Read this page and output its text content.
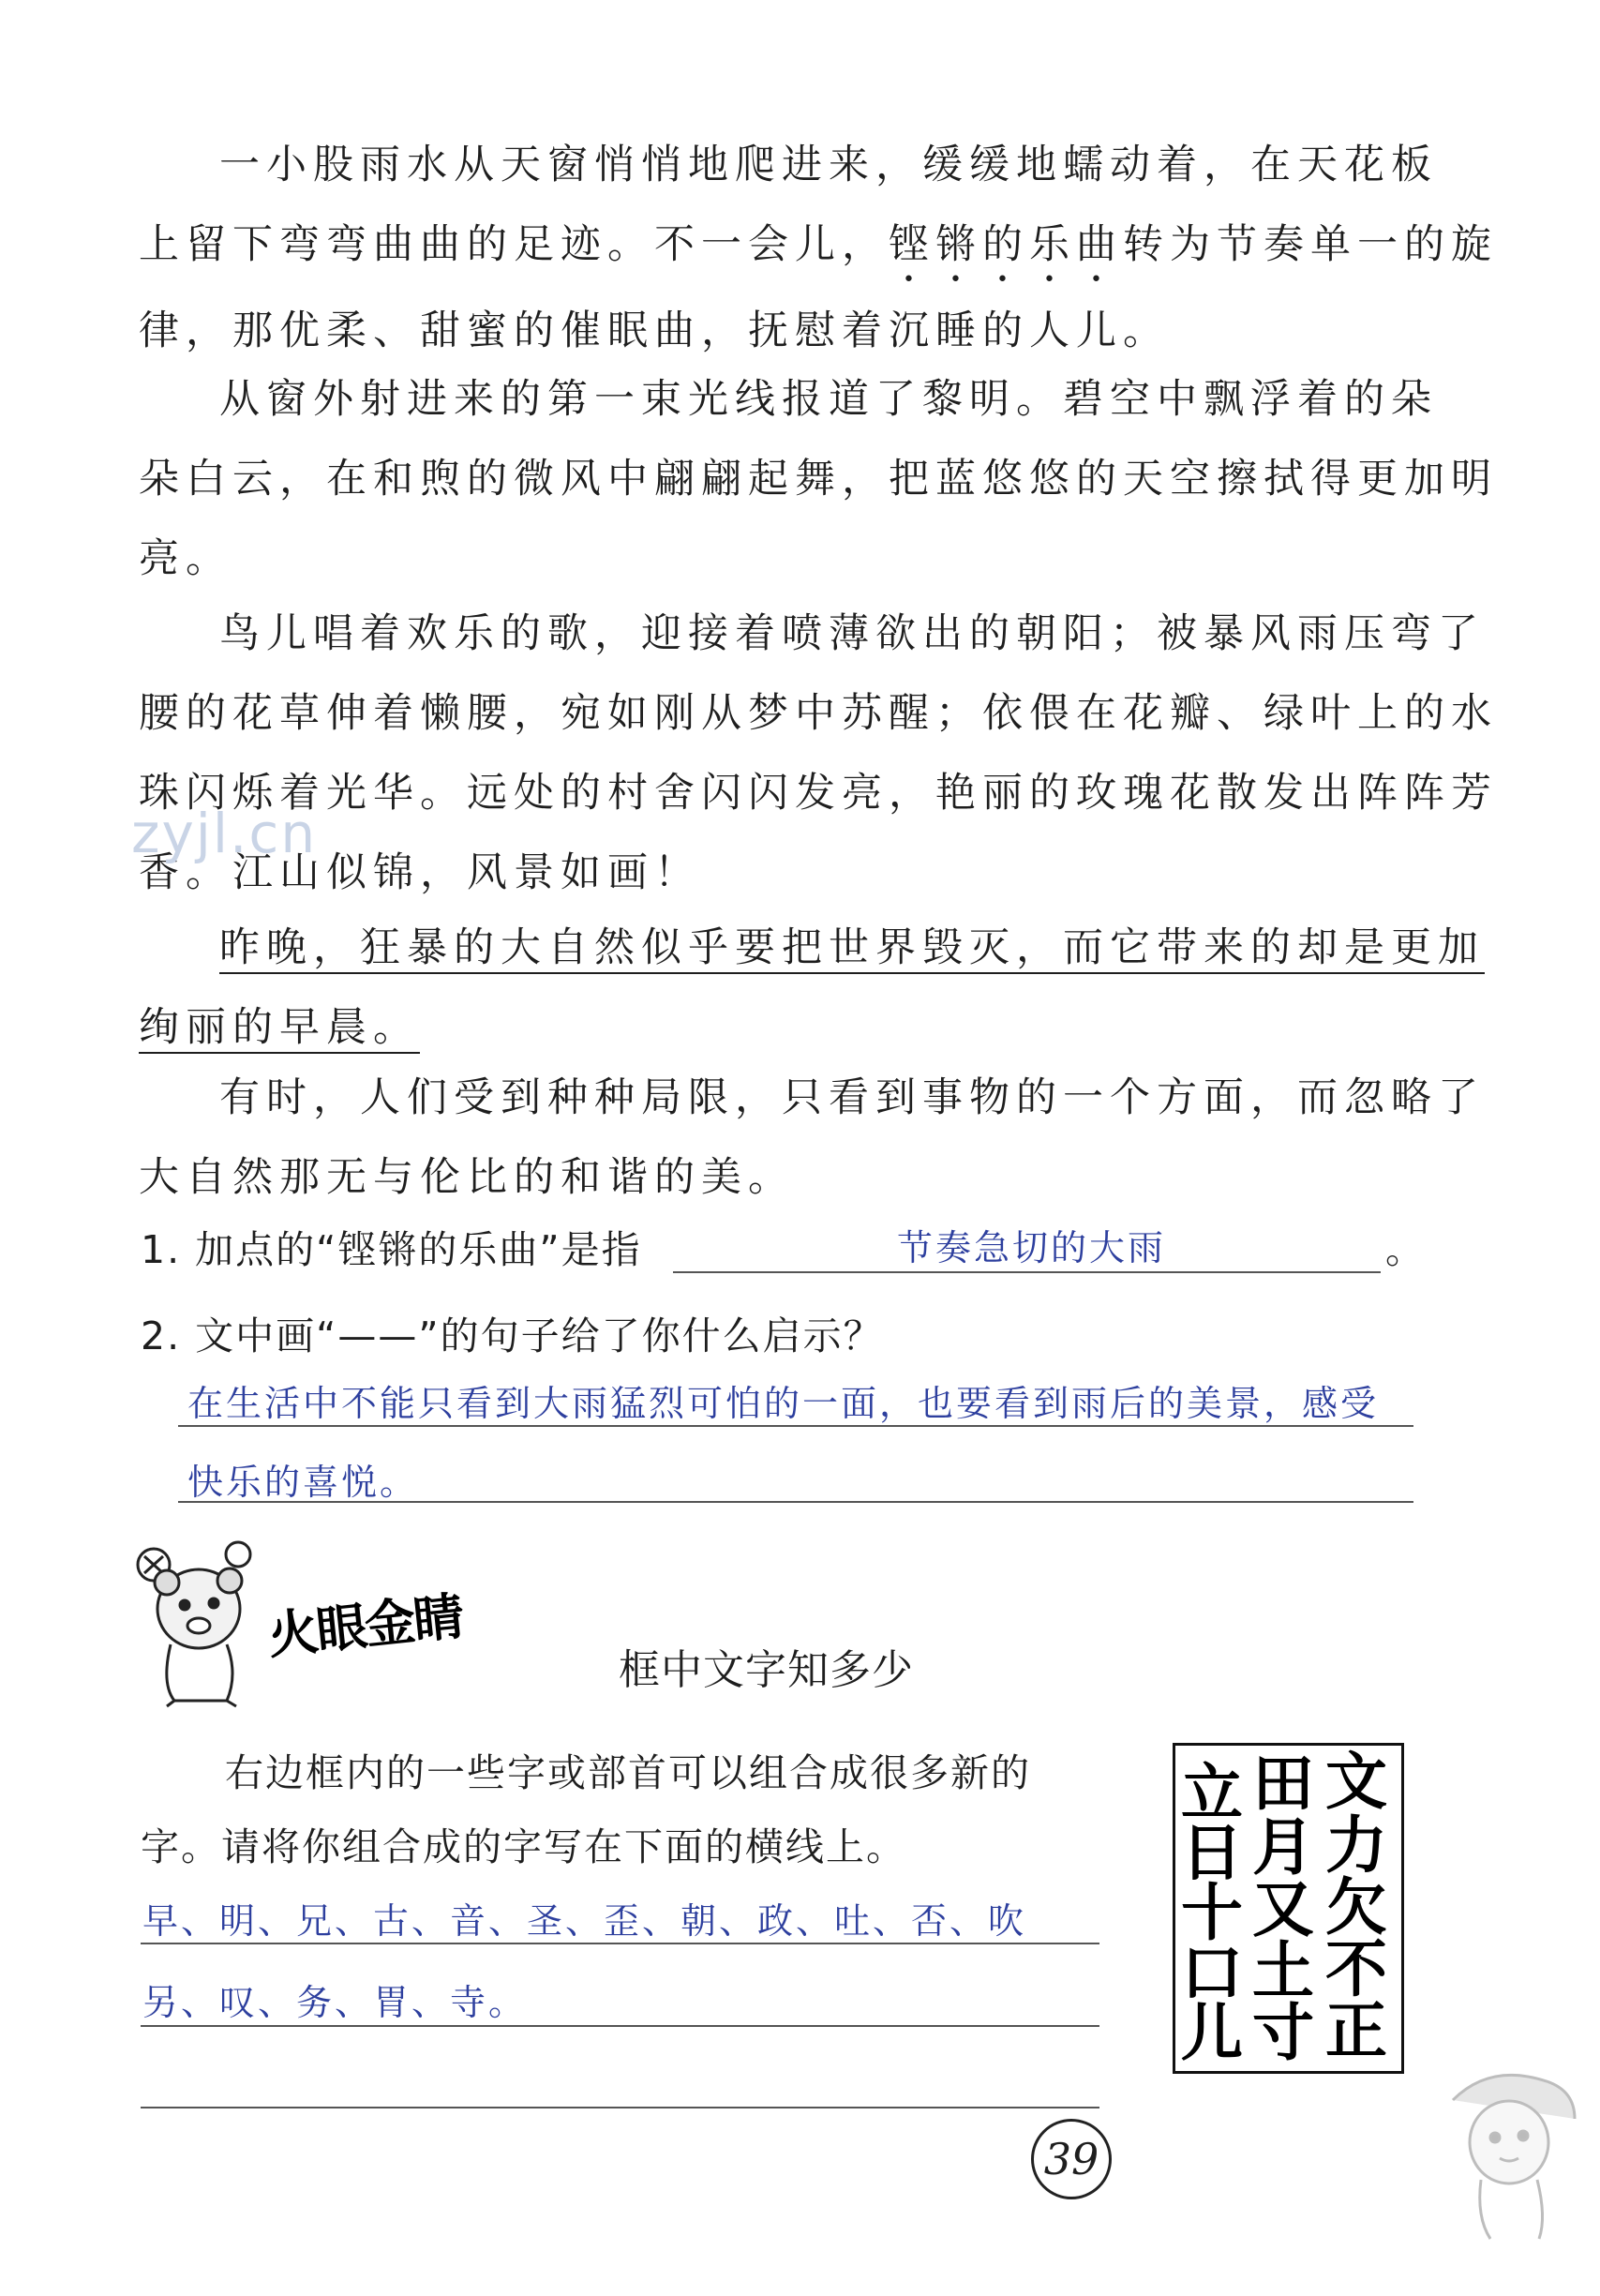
一小股雨水从天窗悄悄地爬进来，缓缓地蠕动着，在天花板
上留下弯弯曲曲的足迹。不一会儿，铿锵的乐曲转为节奏单一的旋
律，那优柔、甜蜜的催眠曲，抚慰着沉睡的人儿。
从窗外射进来的第一束光线报道了黎明。碧空中飘浮着的朵
朵白云，在和煦的微风中翩翩起舞，把蓝悠悠的天空擦拭得更加明
亮。
鸟儿唱着欢乐的歌，迎接着喷薄欲出的朝阳；被暴风雨压弯了
腰的花草伸着懒腰，宛如刚从梦中苏醒；依偎在花瓣、绿叶上的水
珠闪烁着光华。远处的村舍闪闪发亮，艳丽的玫瑰花散发出阵阵芳
香。江山似锦，风景如画！
zyjl.cn
昨晚，狂暴的大自然似乎要把世界毁灭，而它带来的却是更加
绚丽的早晨。
有时，人们受到种种局限，只看到事物的一个方面，而忽略了
大自然那无与伦比的和谐的美。
1. 加点的“铿锵的乐曲”是指	节奏急切的大雨	。
2. 文中画“——”的句子给了你什么启示？
在生活中不能只看到大雨猛烈可怕的一面，也要看到雨后的美景，感受
快乐的喜悦。
火眼金睛
框中文字知多少
右边框内的一些字或部首可以组合成很多新的
字。请将你组合成的字写在下面的横线上。
早、明、兄、古、音、圣、歪、朝、政、吐、否、吹
另、叹、务、胃、寺。
立
日
十
口
儿
田
月
又
土
寸
文
力
欠
不
正
39
